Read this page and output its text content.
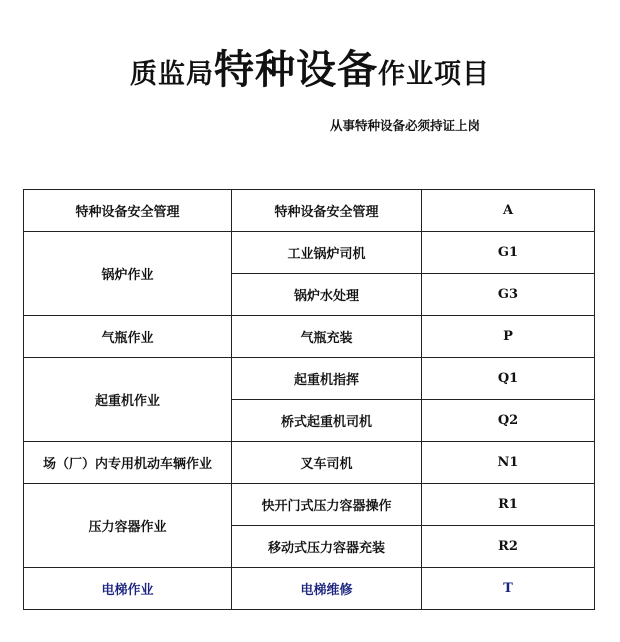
质监局特种设备作业项目
从事特种设备必须持证上岗
特种设备安全管理	特种设备安全管理	A
锅炉作业	工业锅炉司机	G1
	锅炉水处理	G3
气瓶作业	气瓶充装	P
起重机作业	起重机指挥	Q1
	桥式起重机司机	Q2
场（厂）内专用机动车辆作业	叉车司机	N1
压力容器作业	快开门式压力容器操作	R1
	移动式压力容器充装	R2
电梯作业	电梯维修	T
